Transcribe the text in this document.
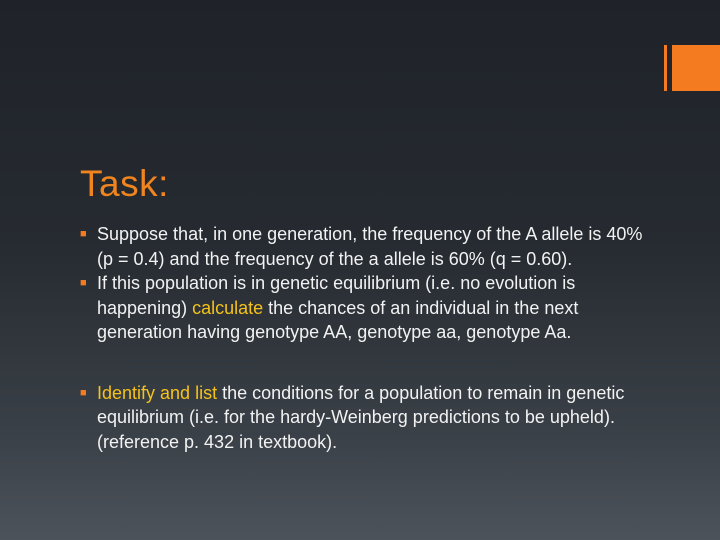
Task:
■ Suppose that, in one generation, the frequency of the A allele is 40% (p = 0.4) and the frequency of the a allele is 60% (q = 0.60).
■ If this population is in genetic equilibrium (i.e. no evolution is happening) calculate the chances of an individual in the next generation having genotype AA, genotype aa, genotype Aa.
■ Identify and list the conditions for a population to remain in genetic equilibrium (i.e. for the hardy-Weinberg predictions to be upheld). (reference p. 432 in textbook).
